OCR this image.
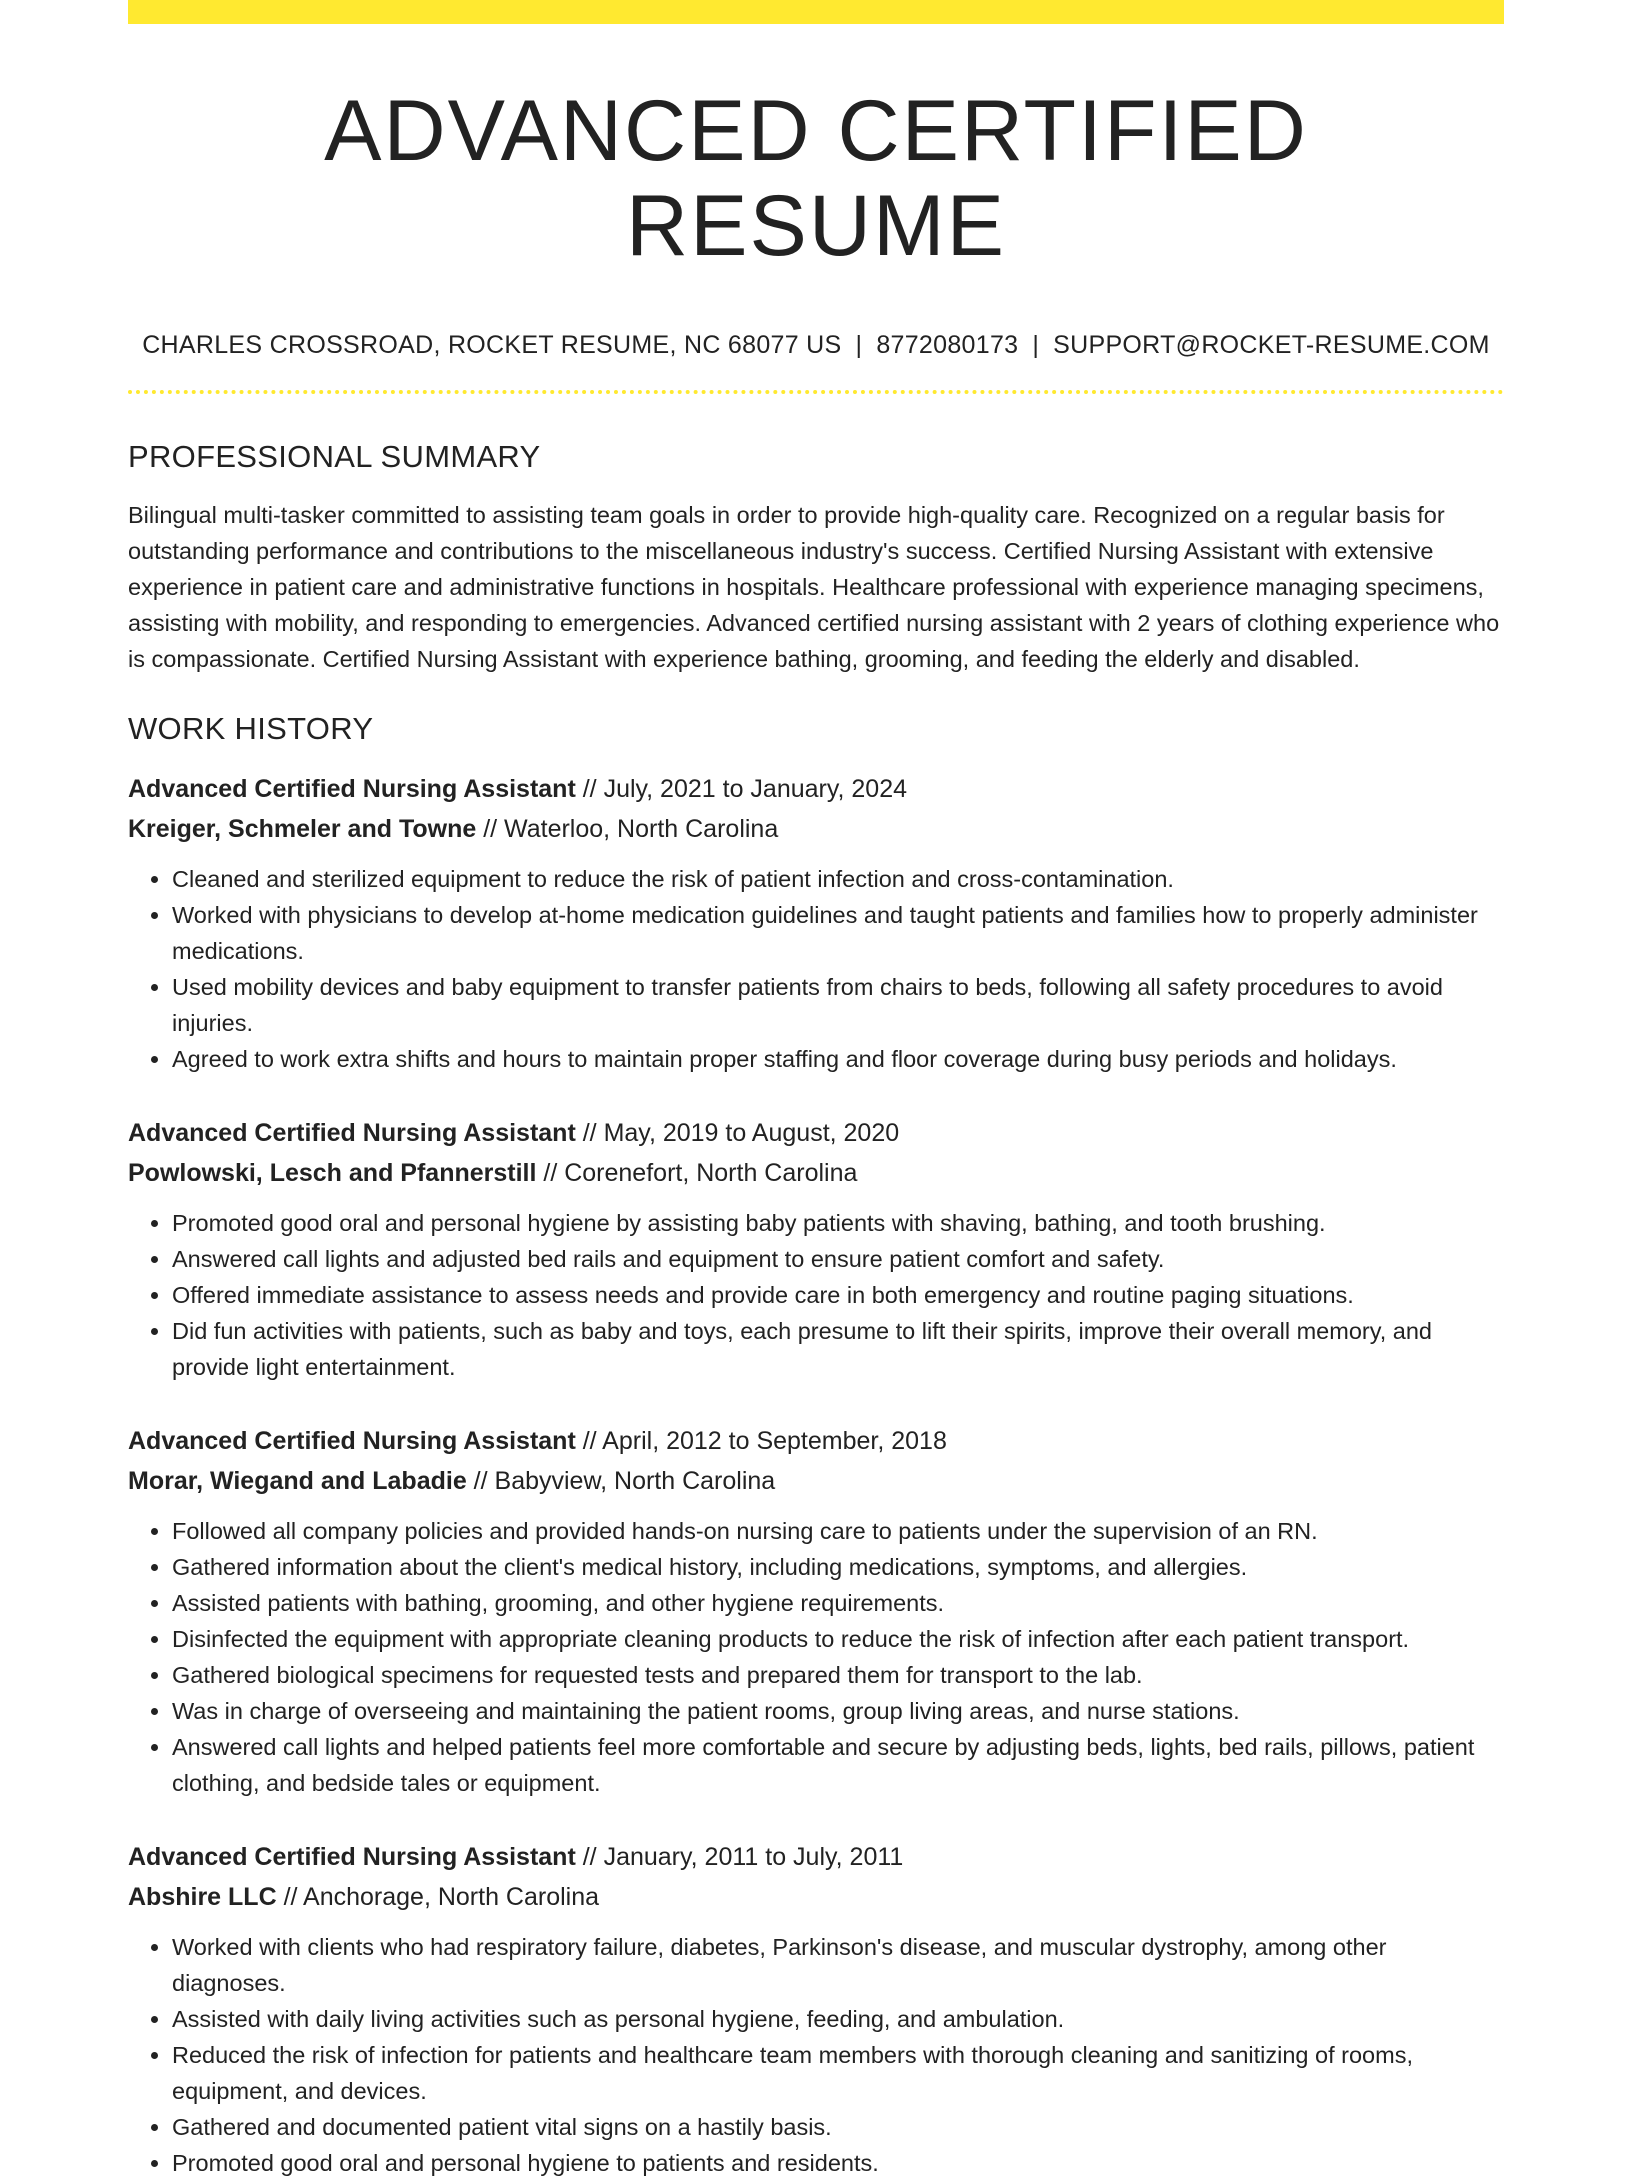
ADVANCED CERTIFIED RESUME
CHARLES CROSSROAD, ROCKET RESUME, NC 68077 US | 8772080173 | SUPPORT@ROCKET-RESUME.COM
PROFESSIONAL SUMMARY

Bilingual multi-tasker committed to assisting team goals in order to provide high-quality care. Recognized on a regular basis for outstanding performance and contributions to the miscellaneous industry's success. Certified Nursing Assistant with extensive experience in patient care and administrative functions in hospitals. Healthcare professional with experience managing specimens, assisting with mobility, and responding to emergencies. Advanced certified nursing assistant with 2 years of clothing experience who is compassionate. Certified Nursing Assistant with experience bathing, grooming, and feeding the elderly and disabled.

WORK HISTORY
Advanced Certified Nursing Assistant // July, 2021 to January, 2024
Kreiger, Schmeler and Towne // Waterloo, North Carolina
• Cleaned and sterilized equipment to reduce the risk of patient infection and cross-contamination.
• Worked with physicians to develop at-home medication guidelines and taught patients and families how to properly administer medications.
• Used mobility devices and baby equipment to transfer patients from chairs to beds, following all safety procedures to avoid injuries.
• Agreed to work extra shifts and hours to maintain proper staffing and floor coverage during busy periods and holidays.
Advanced Certified Nursing Assistant // May, 2019 to August, 2020
Powlowski, Lesch and Pfannerstill // Corenefort, North Carolina
• Promoted good oral and personal hygiene by assisting baby patients with shaving, bathing, and tooth brushing.
• Answered call lights and adjusted bed rails and equipment to ensure patient comfort and safety.
• Offered immediate assistance to assess needs and provide care in both emergency and routine paging situations.
• Did fun activities with patients, such as baby and toys, each presume to lift their spirits, improve their overall memory, and provide light entertainment.
Advanced Certified Nursing Assistant // April, 2012 to September, 2018
Morar, Wiegand and Labadie // Babyview, North Carolina
• Followed all company policies and provided hands-on nursing care to patients under the supervision of an RN.
• Gathered information about the client's medical history, including medications, symptoms, and allergies.
• Assisted patients with bathing, grooming, and other hygiene requirements.
• Disinfected the equipment with appropriate cleaning products to reduce the risk of infection after each patient transport.
• Gathered biological specimens for requested tests and prepared them for transport to the lab.
• Was in charge of overseeing and maintaining the patient rooms, group living areas, and nurse stations.
• Answered call lights and helped patients feel more comfortable and secure by adjusting beds, lights, bed rails, pillows, patient clothing, and bedside tales or equipment.
Advanced Certified Nursing Assistant // January, 2011 to July, 2011
Abshire LLC // Anchorage, North Carolina
• Worked with clients who had respiratory failure, diabetes, Parkinson's disease, and muscular dystrophy, among other diagnoses.
• Assisted with daily living activities such as personal hygiene, feeding, and ambulation.
• Reduced the risk of infection for patients and healthcare team members with thorough cleaning and sanitizing of rooms, equipment, and devices.
• Gathered and documented patient vital signs on a hastily basis.
• Promoted good oral and personal hygiene to patients and residents.
